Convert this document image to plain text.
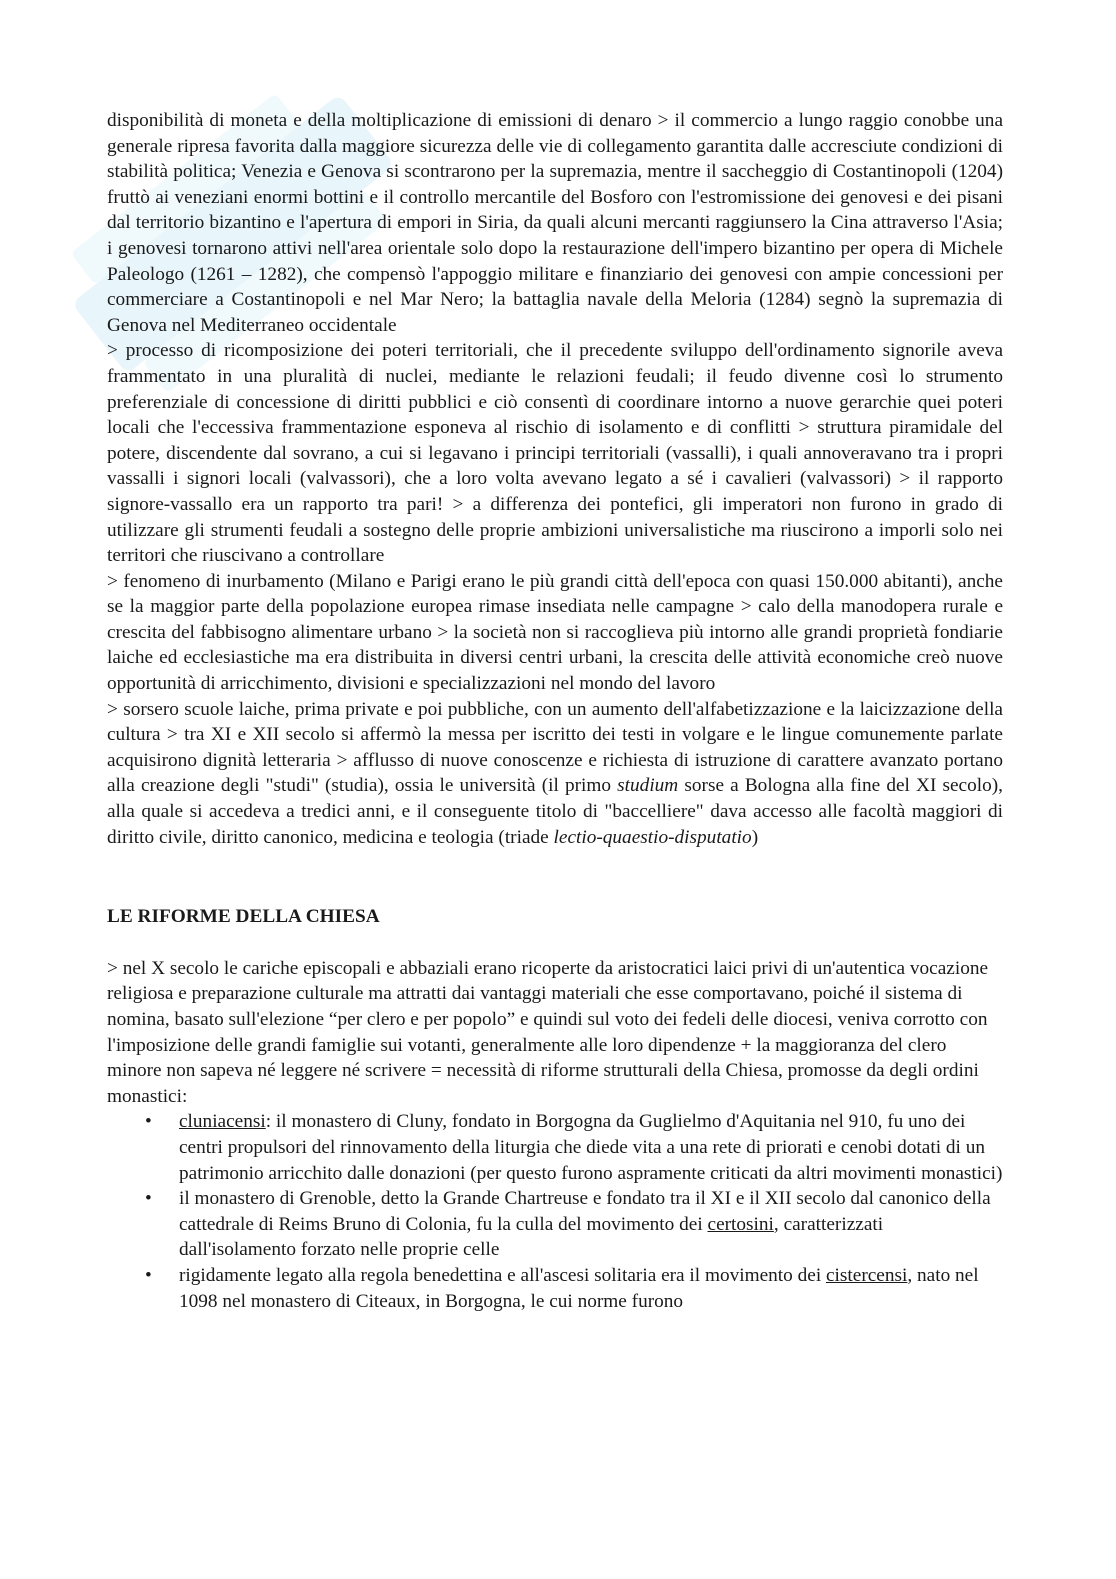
disponibilità di moneta e della moltiplicazione di emissioni di denaro > il commercio a lungo raggio conobbe una generale ripresa favorita dalla maggiore sicurezza delle vie di collegamento garantita dalle accresciute condizioni di stabilità politica; Venezia e Genova si scontrarono per la supremazia, mentre il saccheggio di Costantinopoli (1204) fruttò ai veneziani enormi bottini e il controllo mercantile del Bosforo con l'estromissione dei genovesi e dei pisani dal territorio bizantino e l'apertura di empori in Siria, da quali alcuni mercanti raggiunsero la Cina attraverso l'Asia; i genovesi tornarono attivi nell'area orientale solo dopo la restaurazione dell'impero bizantino per opera di Michele Paleologo (1261 – 1282), che compensò l'appoggio militare e finanziario dei genovesi con ampie concessioni per commerciare a Costantinopoli e nel Mar Nero; la battaglia navale della Meloria (1284) segnò la supremazia di Genova nel Mediterraneo occidentale

> processo di ricomposizione dei poteri territoriali, che il precedente sviluppo dell'ordinamento signorile aveva frammentato in una pluralità di nuclei, mediante le relazioni feudali; il feudo divenne così lo strumento preferenziale di concessione di diritti pubblici e ciò consentì di coordinare intorno a nuove gerarchie quei poteri locali che l'eccessiva frammentazione esponeva al rischio di isolamento e di conflitti > struttura piramidale del potere, discendente dal sovrano, a cui si legavano i principi territoriali (vassalli), i quali annoveravano tra i propri vassalli i signori locali (valvassori), che a loro volta avevano legato a sé i cavalieri (valvassori) > il rapporto signore-vassallo era un rapporto tra pari! > a differenza dei pontefici, gli imperatori non furono in grado di utilizzare gli strumenti feudali a sostegno delle proprie ambizioni universalistiche ma riuscirono a imporli solo nei territori che riuscivano a controllare

> fenomeno di inurbamento (Milano e Parigi erano le più grandi città dell'epoca con quasi 150.000 abitanti), anche se la maggior parte della popolazione europea rimase insediata nelle campagne > calo della manodopera rurale e crescita del fabbisogno alimentare urbano > la società non si raccoglieva più intorno alle grandi proprietà fondiarie laiche ed ecclesiastiche ma era distribuita in diversi centri urbani, la crescita delle attività economiche creò nuove opportunità di arricchimento, divisioni e specializzazioni nel mondo del lavoro

> sorsero scuole laiche, prima private e poi pubbliche, con un aumento dell'alfabetizzazione e la laicizzazione della cultura > tra XI e XII secolo si affermò la messa per iscritto dei testi in volgare e le lingue comunemente parlate acquisirono dignità letteraria > afflusso di nuove conoscenze e richiesta di istruzione di carattere avanzato portano alla creazione degli "studi" (studia), ossia le università (il primo studium sorse a Bologna alla fine del XI secolo), alla quale si accedeva a tredici anni, e il conseguente titolo di "baccelliere" dava accesso alle facoltà maggiori di diritto civile, diritto canonico, medicina e teologia (triade lectio-quaestio-disputatio)

LE RIFORME DELLA CHIESA

> nel X secolo le cariche episcopali e abbaziali erano ricoperte da aristocratici laici privi di un'autentica vocazione religiosa e preparazione culturale ma attratti dai vantaggi materiali che esse comportavano, poiché il sistema di nomina, basato sull'elezione “per clero e per popolo” e quindi sul voto dei fedeli delle diocesi, veniva corrotto con l'imposizione delle grandi famiglie sui votanti, generalmente alle loro dipendenze + la maggioranza del clero minore non sapeva né leggere né scrivere = necessità di riforme strutturali della Chiesa, promosse da degli ordini monastici:

• cluniacensi: il monastero di Cluny, fondato in Borgogna da Guglielmo d'Aquitania nel 910, fu uno dei centri propulsori del rinnovamento della liturgia che diede vita a una rete di priorati e cenobi dotati di un patrimonio arricchito dalle donazioni (per questo furono aspramente criticati da altri movimenti monastici)
• il monastero di Grenoble, detto la Grande Chartreuse e fondato tra il XI e il XII secolo dal canonico della cattedrale di Reims Bruno di Colonia, fu la culla del movimento dei certosini, caratterizzati dall'isolamento forzato nelle proprie celle
• rigidamente legato alla regola benedettina e all'ascesi solitaria era il movimento dei cistercensi, nato nel 1098 nel monastero di Citeaux, in Borgogna, le cui norme furono
